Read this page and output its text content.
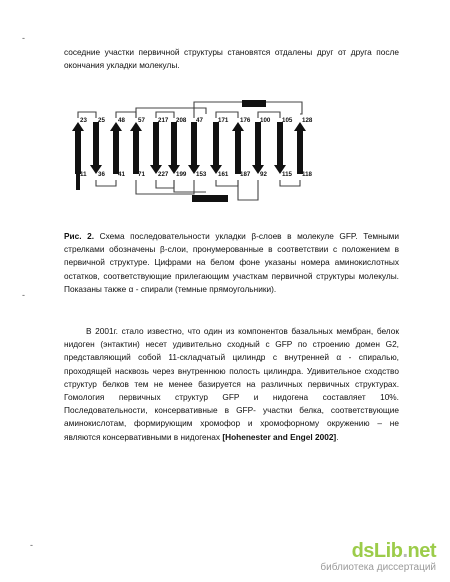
-
-
-

соседние участки первичной структуры становятся отдалены друг от друга после окончания укладки молекулы.

23 25 48 57 217 208 47 171 176 100 105 128
11 36 41 71 227 199 153 161 187 92 115 118

Рис. 2. Схема последовательности укладки β-слоев в молекуле GFP. Темными стрелками обозначены β-слои, пронумерованные в соответствии с положением в первичной структуре. Цифрами на белом фоне указаны номера аминокислотных остатков, соответствующие прилегающим участкам первичной структуры молекулы. Показаны также α - спирали (темные прямоугольники).

В 2001г. стало известно, что один из компонентов базальных мембран, белок нидоген (энтактин) несет удивительно сходный с GFP по строению домен G2, представляющий собой 11-складчатый цилиндр с внутренней α - спиралью, проходящей насквозь через внутреннюю полость цилиндра. Удивительное сходство структур белков тем не менее базируется на различных первичных структурах. Гомология первичных структур GFP и нидогена составляет 10%. Последовательности, консервативные в GFP- участки белка, соответствующие аминокислотам, формирующим хромофор и хромофорному окружению – не являются консервативными в нидогенах [Hohenester and Engel 2002].

dsLib.net
библиотека диссертаций
